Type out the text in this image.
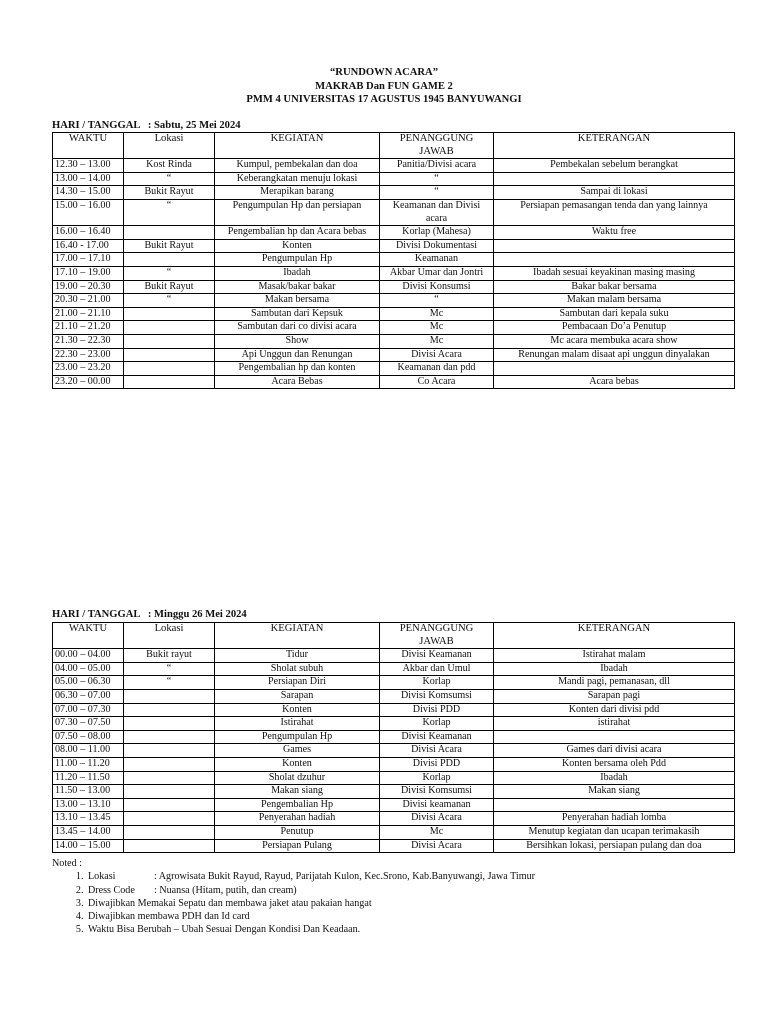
“RUNDOWN ACARA”
MAKRAB Dan FUN GAME 2
PMM 4 UNIVERSITAS 17 AGUSTUS 1945 BANYUWANGI
HARI / TANGGAL   : Sabtu, 25 Mei 2024
WAKTU	Lokasi	KEGIATAN	PENANGGUNG JAWAB	KETERANGAN
12.30 – 13.00	Kost Rinda	Kumpul, pembekalan dan doa	Panitia/Divisi acara	Pembekalan sebelum berangkat
13.00 – 14.00	“	Keberangkatan menuju lokasi	“	
14.30 – 15.00	Bukit Rayut	Merapikan barang	“	Sampai di lokasi
15.00 – 16.00	“	Pengumpulan Hp dan persiapan	Keamanan dan Divisi acara	Persiapan pemasangan tenda dan yang lainnya
16.00 – 16.40		Pengembalian hp dan Acara bebas	Korlap (Mahesa)	Waktu free
16.40 - 17.00	Bukit Rayut	Konten	Divisi Dokumentasi	
17.00 – 17.10		Pengumpulan Hp	Keamanan	
17.10 – 19.00	“	Ibadah	Akbar Umar dan Jontri	Ibadah sesuai keyakinan masing masing
19.00 – 20.30	Bukit Rayut	Masak/bakar bakar	Divisi Konsumsi	Bakar bakar bersama
20.30 – 21.00	“	Makan bersama	“	Makan malam bersama
21.00 – 21.10		Sambutan dari Kepsuk	Mc	Sambutan dari kepala suku
21.10 – 21.20		Sambutan dari co divisi acara	Mc	Pembacaan Do’a Penutup
21.30 – 22.30		Show	Mc	Mc acara membuka acara show
22.30 – 23.00		Api Unggun dan Renungan	Divisi Acara	Renungan malam disaat api unggun dinyalakan
23.00 – 23.20		Pengembalian hp dan konten	Keamanan dan pdd	
23.20 – 00.00		Acara Bebas	Co Acara	Acara bebas
HARI / TANGGAL   : Minggu 26 Mei 2024
WAKTU	Lokasi	KEGIATAN	PENANGGUNG JAWAB	KETERANGAN
00.00 – 04.00	Bukit rayut	Tidur	Divisi Keamanan	Istirahat malam
04.00 – 05.00	“	Sholat subuh	Akbar dan Umul	Ibadah
05.00 – 06.30	“	Persiapan Diri	Korlap	Mandi pagi, pemanasan, dll
06.30 – 07.00		Sarapan	Divisi Komsumsi	Sarapan pagi
07.00 – 07.30		Konten	Divisi PDD	Konten dari divisi pdd
07.30 – 07.50		Istirahat	Korlap	istirahat
07.50 – 08.00		Pengumpulan Hp	Divisi Keamanan	
08.00 – 11.00		Games	Divisi Acara	Games dari divisi acara
11.00 – 11.20		Konten	Divisi PDD	Konten bersama oleh Pdd
11.20 – 11.50		Sholat dzuhur	Korlap	Ibadah
11.50 – 13.00		Makan siang	Divisi Komsumsi	Makan siang
13.00 – 13.10		Pengembalian Hp	Divisi keamanan	
13.10 – 13.45		Penyerahan hadiah	Divisi Acara	Penyerahan hadiah lomba
13.45 – 14.00		Penutup	Mc	Menutup kegiatan dan ucapan terimakasih
14.00 – 15.00		Persiapan Pulang	Divisi Acara	Bersihkan lokasi, persiapan pulang dan doa
Noted :
1. Lokasi	: Agrowisata Bukit Rayud, Rayud, Parijatah Kulon, Kec.Srono, Kab.Banyuwangi, Jawa Timur
2. Dress Code : Nuansa (Hitam, putih, dan cream)
3. Diwajibkan Memakai Sepatu dan membawa jaket atau pakaian hangat
4. Diwajibkan membawa PDH dan Id card
5. Waktu Bisa Berubah – Ubah Sesuai Dengan Kondisi Dan Keadaan.
